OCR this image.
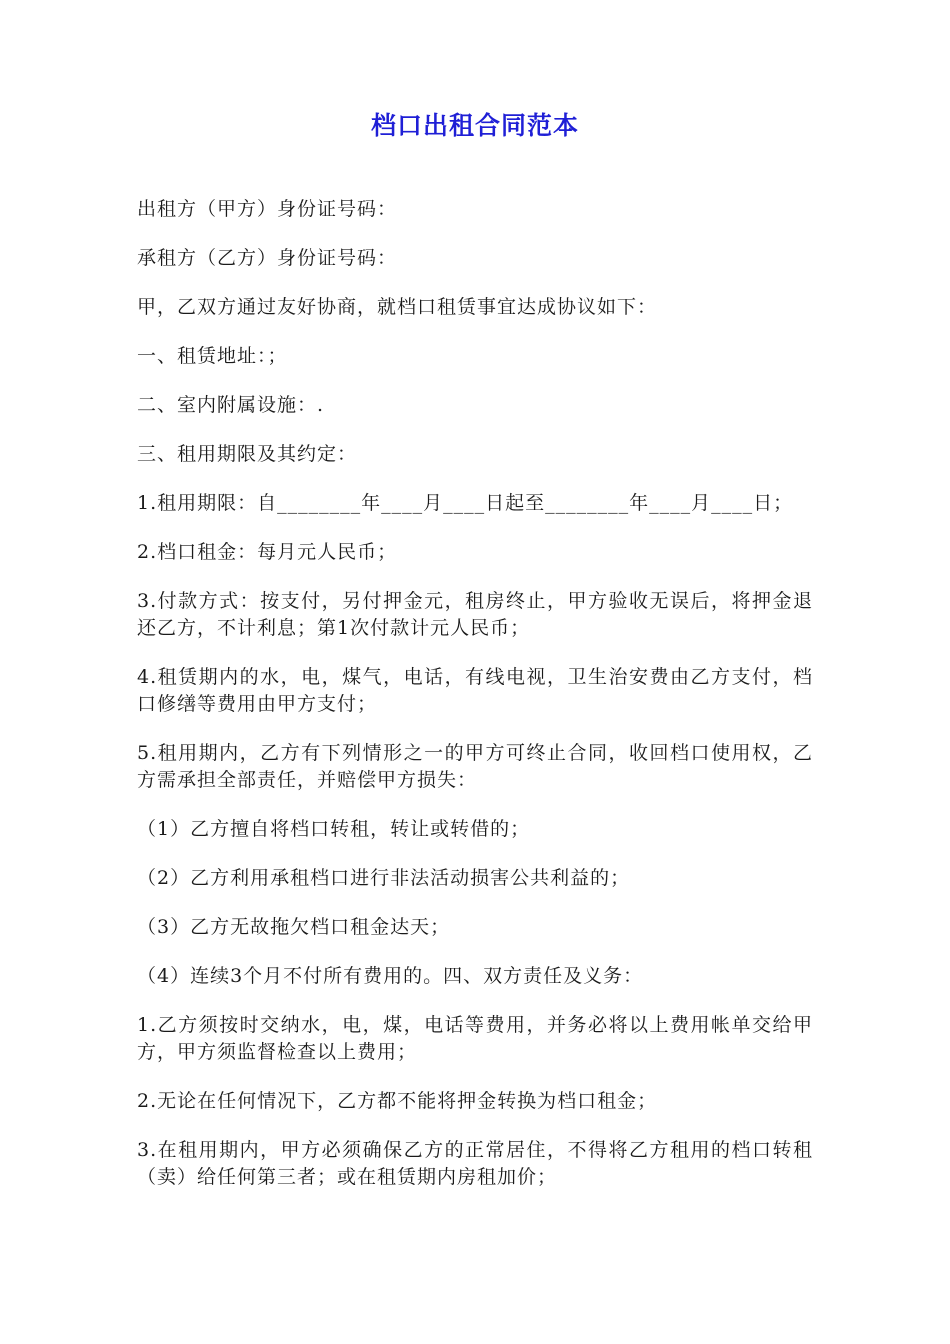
档口出租合同范本

出租方（甲方）身份证号码：

承租方（乙方）身份证号码：

甲，乙双方通过友好协商，就档口租赁事宜达成协议如下：

一、租赁地址：；

二、室内附属设施：.

三、租用期限及其约定：

1.租用期限：自________年____月____日起至________年____月____日；

2.档口租金：每月元人民币；

3.付款方式：按支付，另付押金元，租房终止，甲方验收无误后，将押金退还乙方，不计利息；第1次付款计元人民币；

4.租赁期内的水，电，煤气，电话，有线电视，卫生治安费由乙方支付，档口修缮等费用由甲方支付；

5.租用期内，乙方有下列情形之一的甲方可终止合同，收回档口使用权，乙方需承担全部责任，并赔偿甲方损失：

（1）乙方擅自将档口转租，转让或转借的；

（2）乙方利用承租档口进行非法活动损害公共利益的；

（3）乙方无故拖欠档口租金达天；

（4）连续3个月不付所有费用的。四、双方责任及义务：

1.乙方须按时交纳水，电，煤，电话等费用，并务必将以上费用帐单交给甲方，甲方须监督检查以上费用；

2.无论在任何情况下，乙方都不能将押金转换为档口租金；

3.在租用期内，甲方必须确保乙方的正常居住，不得将乙方租用的档口转租（卖）给任何第三者；或在租赁期内房租加价；
